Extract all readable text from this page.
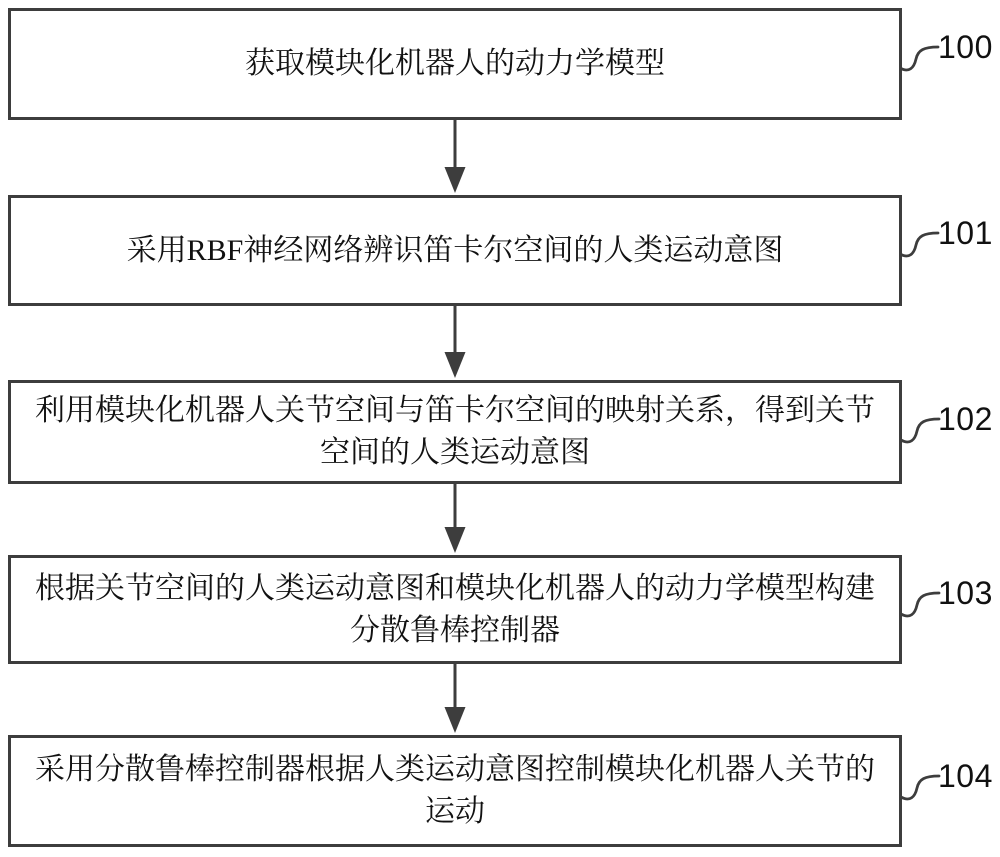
获取模块化机器人的动力学模型
采用RBF神经网络辨识笛卡尔空间的人类运动意图
利用模块化机器人关节空间与笛卡尔空间的映射关系，得到关节
空间的人类运动意图
根据关节空间的人类运动意图和模块化机器人的动力学模型构建
分散鲁棒控制器
采用分散鲁棒控制器根据人类运动意图控制模块化机器人关节的
运动
100
101
102
103
104
